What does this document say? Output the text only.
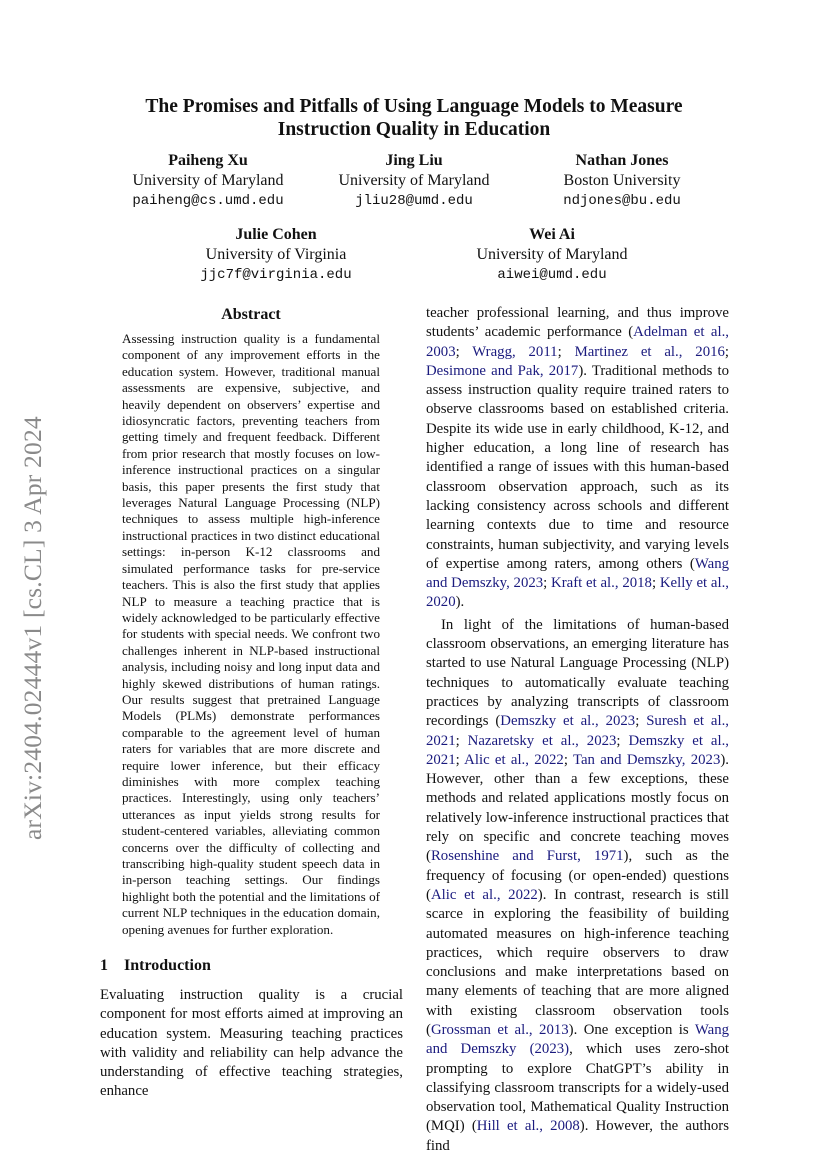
arXiv:2404.02444v1 [cs.CL] 3 Apr 2024
The Promises and Pitfalls of Using Language Models to Measure Instruction Quality in Education
Paiheng Xu
University of Maryland
paiheng@cs.umd.edu
Jing Liu
University of Maryland
jliu28@umd.edu
Nathan Jones
Boston University
ndjones@bu.edu
Julie Cohen
University of Virginia
jjc7f@virginia.edu
Wei Ai
University of Maryland
aiwei@umd.edu
Abstract
Assessing instruction quality is a fundamental component of any improvement efforts in the education system. However, traditional manual assessments are expensive, subjective, and heavily dependent on observers’ expertise and idiosyncratic factors, preventing teachers from getting timely and frequent feedback. Different from prior research that mostly focuses on low-inference instructional practices on a singular basis, this paper presents the first study that leverages Natural Language Processing (NLP) techniques to assess multiple high-inference instructional practices in two distinct educational settings: in-person K-12 classrooms and simulated performance tasks for pre-service teachers. This is also the first study that applies NLP to measure a teaching practice that is widely acknowledged to be particularly effective for students with special needs. We confront two challenges inherent in NLP-based instructional analysis, including noisy and long input data and highly skewed distributions of human ratings. Our results suggest that pretrained Language Models (PLMs) demonstrate performances comparable to the agreement level of human raters for variables that are more discrete and require lower inference, but their efficacy diminishes with more complex teaching practices. Interestingly, using only teachers’ utterances as input yields strong results for student-centered variables, alleviating common concerns over the difficulty of collecting and transcribing high-quality student speech data in in-person teaching settings. Our findings highlight both the potential and the limitations of current NLP techniques in the education domain, opening avenues for further exploration.
1 Introduction

Evaluating instruction quality is a crucial component for most efforts aimed at improving an education system. Measuring teaching practices with validity and reliability can help advance the understanding of effective teaching strategies, enhance

teacher professional learning, and thus improve students’ academic performance (Adelman et al., 2003; Wragg, 2011; Martinez et al., 2016; Desimone and Pak, 2017). Traditional methods to assess instruction quality require trained raters to observe classrooms based on established criteria. Despite its wide use in early childhood, K-12, and higher education, a long line of research has identified a range of issues with this human-based classroom observation approach, such as its lacking consistency across schools and different learning contexts due to time and resource constraints, human subjectivity, and varying levels of expertise among raters, among others (Wang and Demszky, 2023; Kraft et al., 2018; Kelly et al., 2020).

In light of the limitations of human-based classroom observations, an emerging literature has started to use Natural Language Processing (NLP) techniques to automatically evaluate teaching practices by analyzing transcripts of classroom recordings (Demszky et al., 2023; Suresh et al., 2021; Nazaretsky et al., 2023; Demszky et al., 2021; Alic et al., 2022; Tan and Demszky, 2023). However, other than a few exceptions, these methods and related applications mostly focus on relatively low-inference instructional practices that rely on specific and concrete teaching moves (Rosenshine and Furst, 1971), such as the frequency of focusing (or open-ended) questions (Alic et al., 2022). In contrast, research is still scarce in exploring the feasibility of building automated measures on high-inference teaching practices, which require observers to draw conclusions and make interpretations based on many elements of teaching that are more aligned with existing classroom observation tools (Grossman et al., 2013). One exception is Wang and Demszky (2023), which uses zero-shot prompting to explore ChatGPT’s ability in classifying classroom transcripts for a widely-used observation tool, Mathematical Quality Instruction (MQI) (Hill et al., 2008). However, the authors find
